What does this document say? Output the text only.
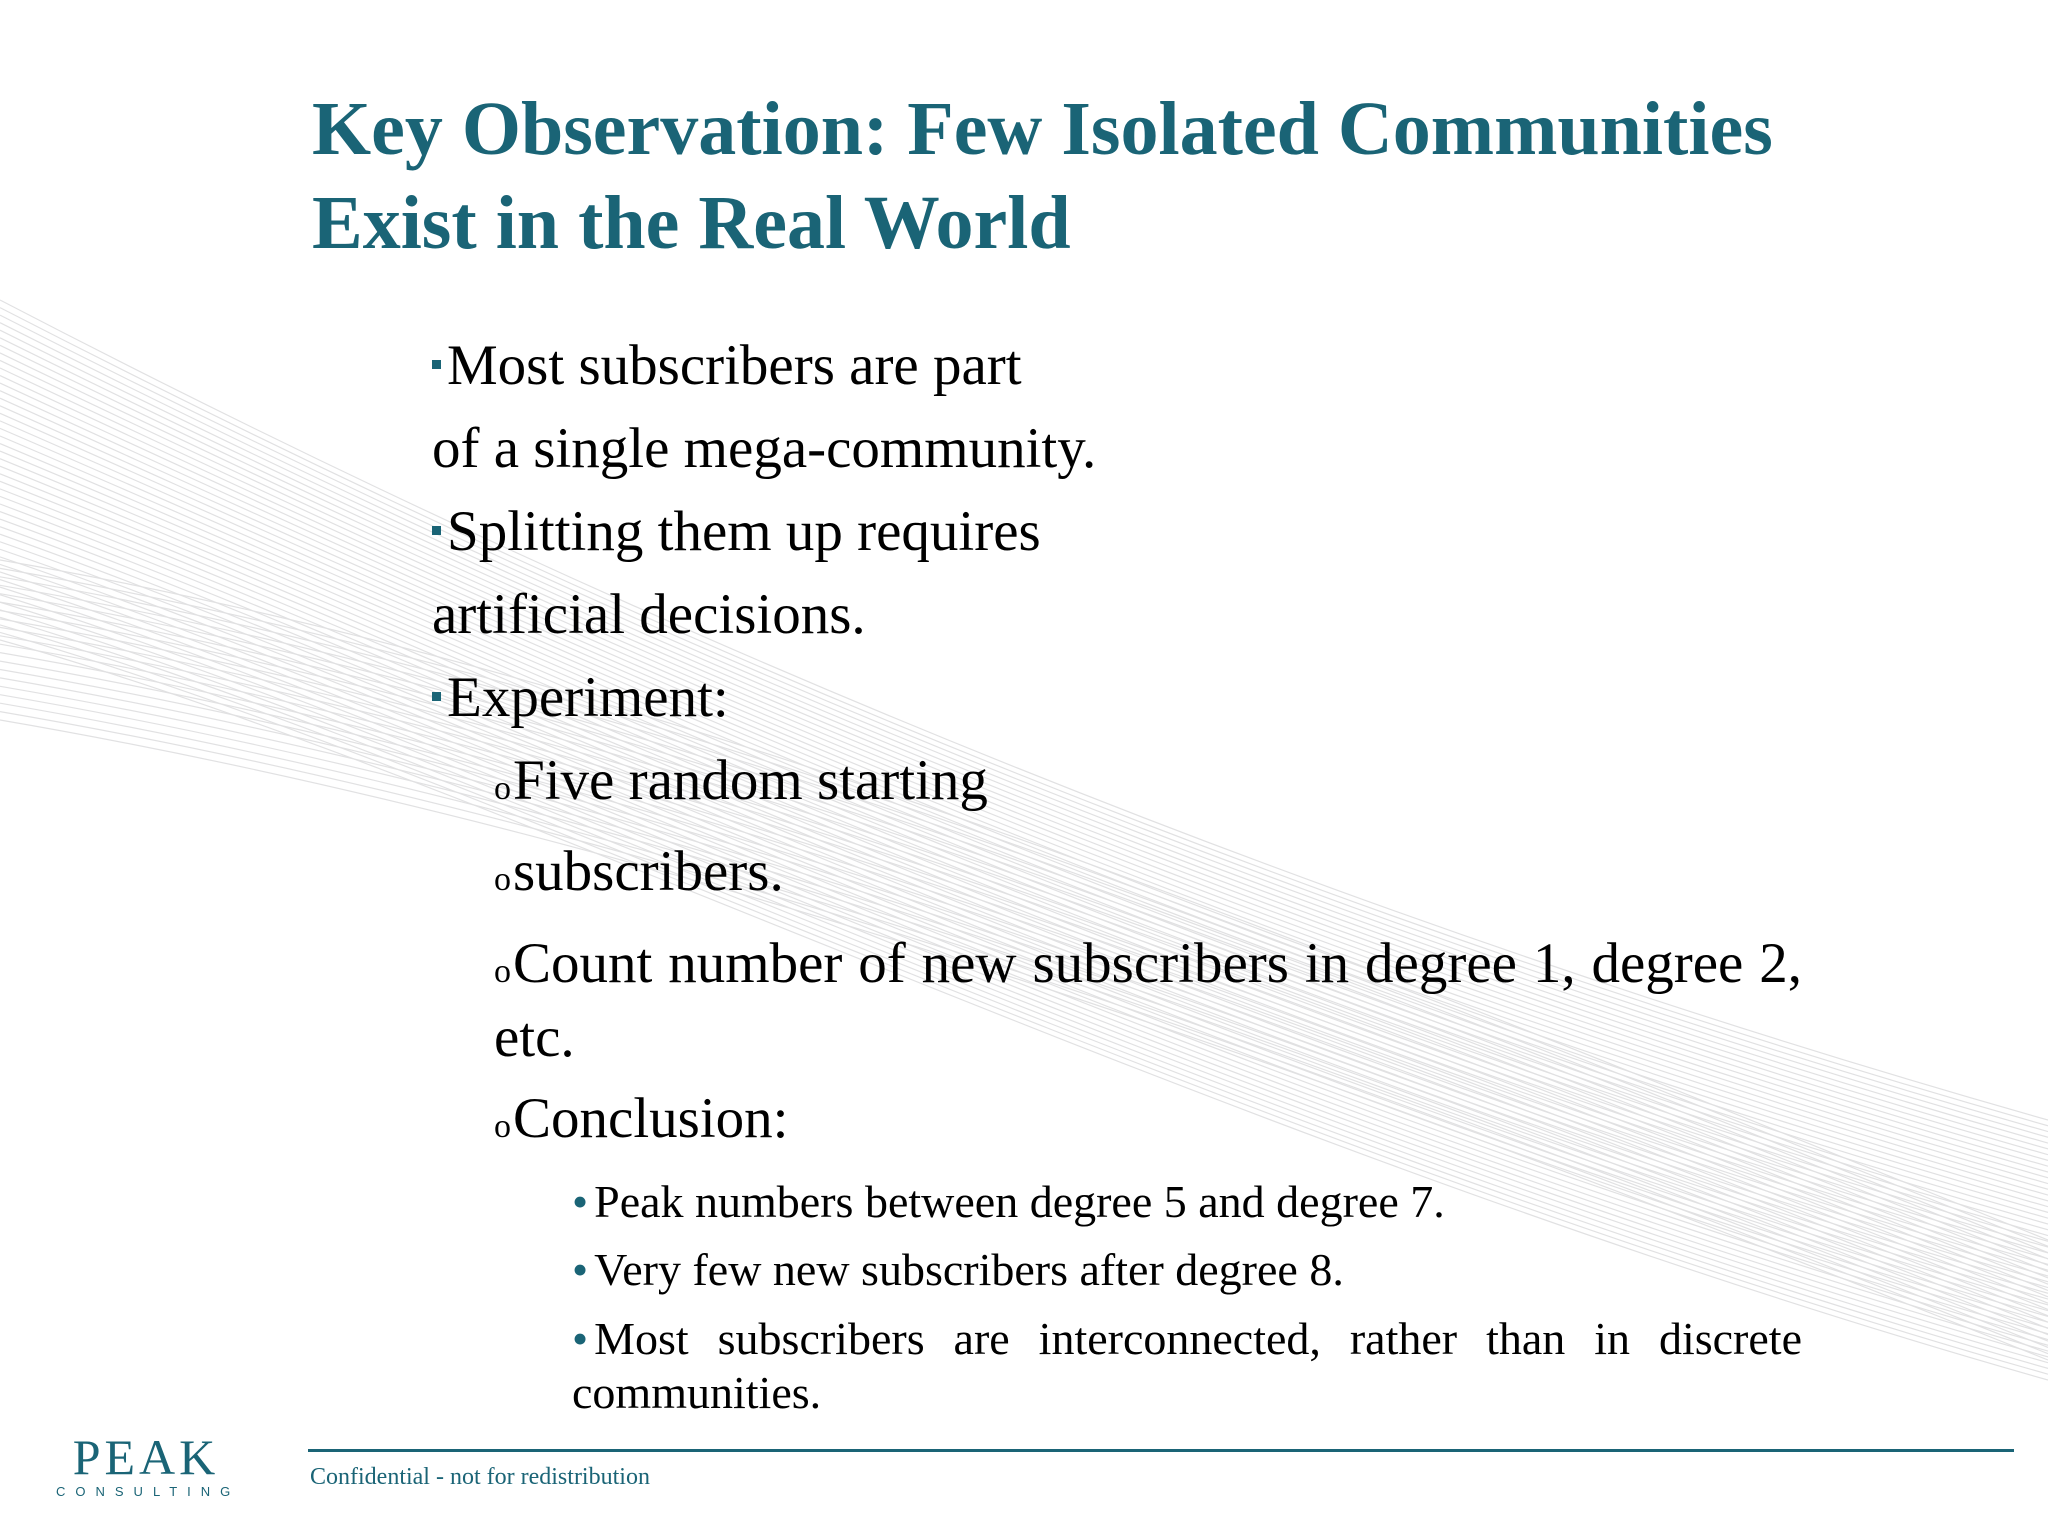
Key Observation: Few Isolated Communities
Exist in the Real World
Most subscribers are part
of a single mega-community.
Splitting them up requires
artificial decisions.
Experiment:
oFive random starting
osubscribers.
oCount number of new subscribers in degree 1, degree 2, etc.
oConclusion:
• Peak numbers between degree 5 and degree 7.
• Very few new subscribers after degree 8.
• Most subscribers are interconnected, rather than in discrete communities.
PEAK
CONSULTING
Confidential - not for redistribution
